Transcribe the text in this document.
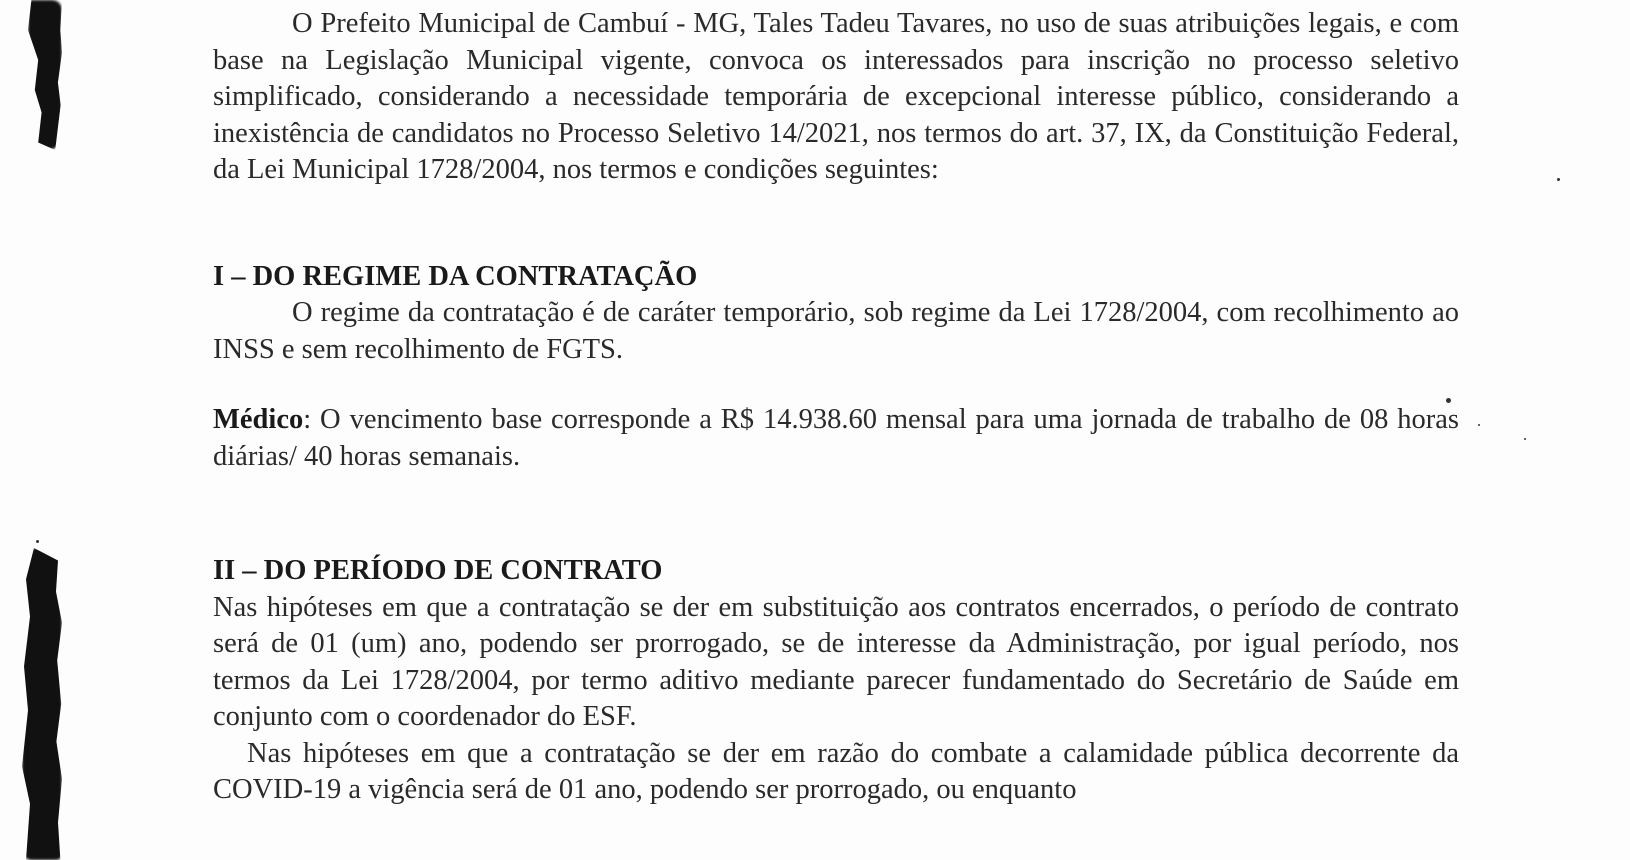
O Prefeito Municipal de Cambuí - MG, Tales Tadeu Tavares, no uso de suas atribuições legais, e com base na Legislação Municipal vigente, convoca os interessados para inscrição no processo seletivo simplificado, considerando a necessidade temporária de excepcional interesse público, considerando a inexistência de candidatos no Processo Seletivo 14/2021, nos termos do art. 37, IX, da Constituição Federal, da Lei Municipal 1728/2004, nos termos e condições seguintes:

I – DO REGIME DA CONTRATAÇÃO

O regime da contratação é de caráter temporário, sob regime da Lei 1728/2004, com recolhimento ao INSS e sem recolhimento de FGTS.

Médico: O vencimento base corresponde a R$ 14.938.60 mensal para uma jornada de trabalho de 08 horas diárias/ 40 horas semanais.

II – DO PERÍODO DE CONTRATO

Nas hipóteses em que a contratação se der em substituição aos contratos encerrados, o período de contrato será de 01 (um) ano, podendo ser prorrogado, se de interesse da Administração, por igual período, nos termos da Lei 1728/2004, por termo aditivo mediante parecer fundamentado do Secretário de Saúde em conjunto com o coordenador do ESF.

Nas hipóteses em que a contratação se der em razão do combate a calamidade pública decorrente da COVID-19 a vigência será de 01 ano, podendo ser prorrogado, ou enquanto
